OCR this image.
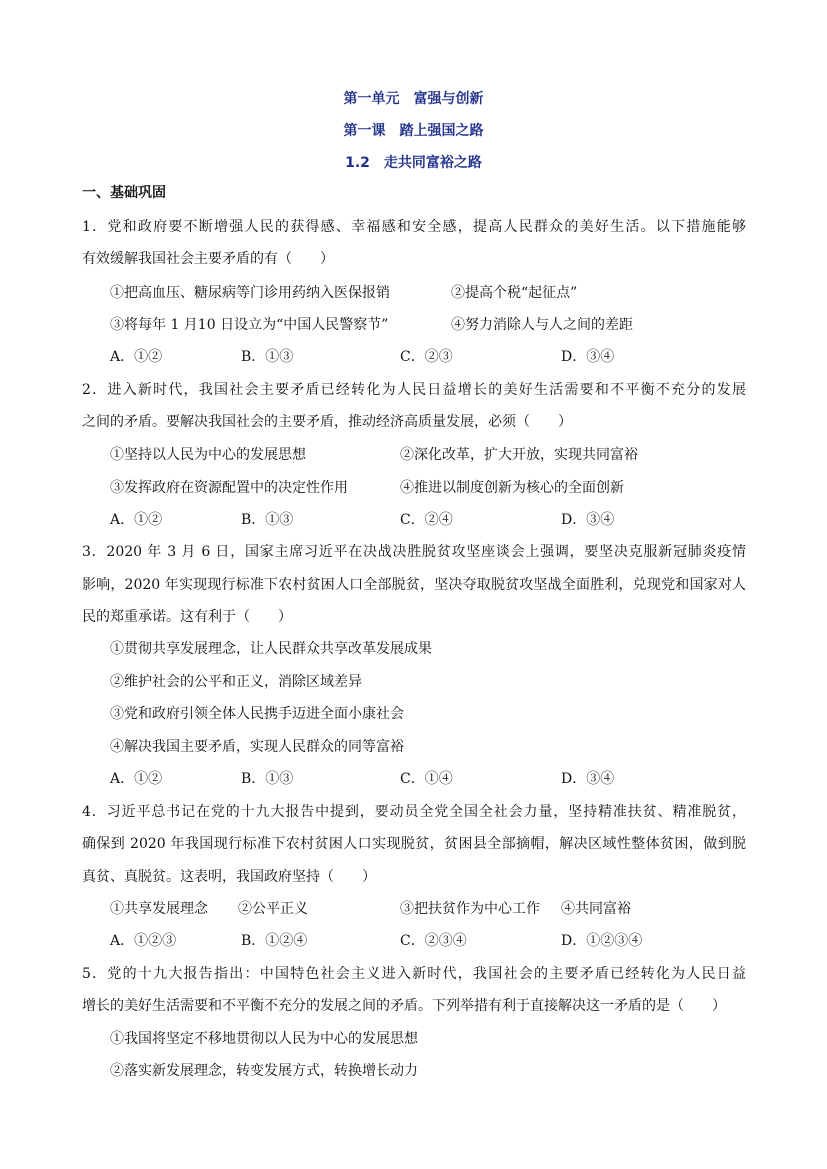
第一单元　富强与创新
第一课　踏上强国之路
1.2　走共同富裕之路
一、基础巩固
1．党和政府要不断增强人民的获得感、幸福感和安全感，提高人民群众的美好生活。以下措施能够
有效缓解我国社会主要矛盾的有（　　）
①把高血压、糖尿病等门诊用药纳入医保报销	②提高个税“起征点”
③将每年 1 月10 日设立为“中国人民警察节”	④努力消除人与人之间的差距
A．①②	B．①③	C．②③	D．③④
2．进入新时代，我国社会主要矛盾已经转化为人民日益增长的美好生活需要和不平衡不充分的发展
之间的矛盾。要解决我国社会的主要矛盾，推动经济高质量发展，必须（　　）
①坚持以人民为中心的发展思想	②深化改革，扩大开放，实现共同富裕
③发挥政府在资源配置中的决定性作用	④推进以制度创新为核心的全面创新
A．①②	B．①③	C．②④	D．③④
3．2020 年 3 月 6 日，国家主席习近平在决战决胜脱贫攻坚座谈会上强调，要坚决克服新冠肺炎疫情
影响，2020 年实现现行标准下农村贫困人口全部脱贫，坚决夺取脱贫攻坚战全面胜利，兑现党和国家对人
民的郑重承诺。这有利于（　　）
①贯彻共享发展理念，让人民群众共享改革发展成果
②维护社会的公平和正义，消除区域差异
③党和政府引领全体人民携手迈进全面小康社会
④解决我国主要矛盾，实现人民群众的同等富裕
A．①②	B．①③	C．①④	D．③④
4．习近平总书记在党的十九大报告中提到，要动员全党全国全社会力量，坚持精准扶贫、精准脱贫，
确保到 2020 年我国现行标准下农村贫困人口实现脱贫，贫困县全部摘帽，解决区域性整体贫困，做到脱
真贫、真脱贫。这表明，我国政府坚持（　　）
①共享发展理念 ②公平正义	③把扶贫作为中心工作 ④共同富裕
A．①②③	B．①②④	C．②③④	D．①②③④
5．党的十九大报告指出：中国特色社会主义进入新时代，我国社会的主要矛盾已经转化为人民日益
增长的美好生活需要和不平衡不充分的发展之间的矛盾。下列举措有利于直接解决这一矛盾的是（　　）
①我国将坚定不移地贯彻以人民为中心的发展思想
②落实新发展理念，转变发展方式，转换增长动力
